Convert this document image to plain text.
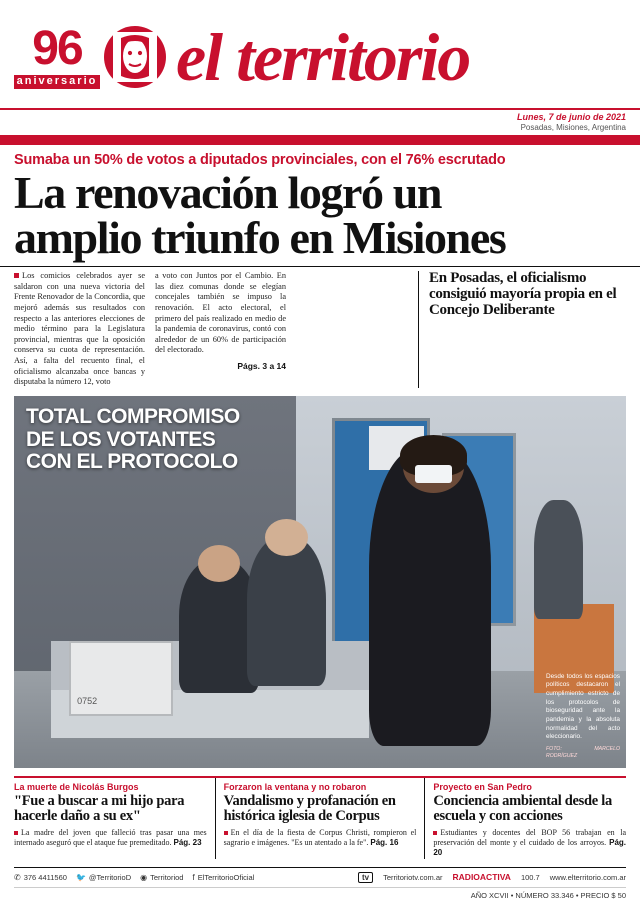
96
aniversario el territorio
Lunes, 7 de junio de 2021
Posadas, Misiones, Argentina
Sumaba un 50% de votos a diputados provinciales, con el 76% escrutado
La renovación logró un
amplio triunfo en Misiones
Los comicios celebrados ayer se saldaron con una nueva victoria del Frente Renovador de la Concordia, que mejoró además sus resultados con respecto a las anteriores elecciones de medio término para la Legislatura provincial, mientras que la oposición conserva su cuota de representación. Así, a falta del recuento final, el oficialismo alcanzaba once bancas y disputaba la número 12, voto
a voto con Juntos por el Cambio. En las diez comunas donde se elegían concejales también se impuso la renovación. El acto electoral, el primero del país realizado en medio de la pandemia de coronavirus, contó con alrededor de un 60% de participación del electorado.
Págs. 3 a 14
En Posadas, el oficialismo consiguió mayoría propia en el Concejo Deliberante
0752
TOTAL COMPROMISO
DE LOS VOTANTES
CON EL PROTOCOLO
Desde todos los espacios políticos destacaron el cumplimiento estricto de los protocolos de bioseguridad ante la pandemia y la absoluta normalidad del acto eleccionario.
FOTO: MARCELO RODRÍGUEZ
La muerte de Nicolás Burgos
"Fue a buscar a mi hijo para hacerle daño a su ex"
La madre del joven que falleció tras pasar una mes internado aseguró que el ataque fue premeditado. Pág. 23
Forzaron la ventana y no robaron
Vandalismo y profanación en histórica iglesia de Corpus
En el día de la fiesta de Corpus Christi, rompieron el sagrario e imágenes. "Es un atentado a la fe". Pág. 16
Proyecto en San Pedro
Conciencia ambiental desde la escuela y con acciones
Estudiantes y docentes del BOP 56 trabajan en la preservación del monte y el cuidado de los arroyos. Pág. 20
✆ 376 4411560 🐦 @TerritorioD ◉ Territoriod f ElTerritorioOficial	tv	Territoriotv.com.ar RADIOACTIVA 100.7 www.elterritorio.com.ar
AÑO XCVII • NÚMERO 33.346 • PRECIO $ 50
